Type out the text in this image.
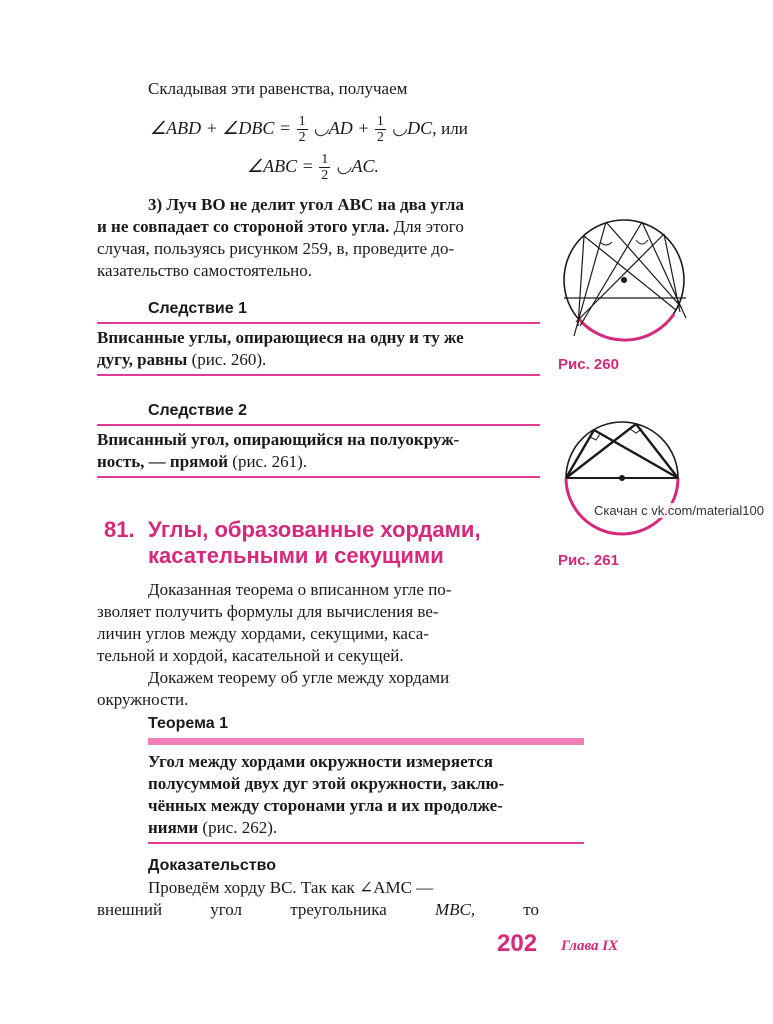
Складывая эти равенства, получаем
∠ABD + ∠DBC = $\frac{1}{2}$ ◡AD + $\frac{1}{2}$ ◡DC, или
∠ABC = $\frac{1}{2}$ ◡AC.
3) Луч BO не делит угол ABC на два угла
и не совпадает со стороной этого угла. Для этого
случая, пользуясь рисунком 259, в, проведите до-
казательство самостоятельно.
Следствие 1
Вписанные углы, опирающиеся на одну и ту же
дугу, равны (рис. 260).
Следствие 2
Вписанный угол, опирающийся на полуокруж-
ность, — прямой (рис. 261).
81. Углы, образованные хордами,
касательными и секущими
Доказанная теорема о вписанном угле по-
зволяет получить формулы для вычисления ве-
личин углов между хордами, секущими, каса-
тельной и хордой, касательной и секущей.
Докажем теорему об угле между хордами
окружности.
Теорема 1
Угол между хордами окружности измеряется
полусуммой двух дуг этой окружности, заклю-
чённых между сторонами угла и их продолже-
ниями (рис. 262).
Доказательство
Проведём хорду BC. Так как ∠AMC —
внешний	угол	треугольника	MBC,	то
202 Глава IX
Рис. 260
Скачан с vk.com/material100
Рис. 261
